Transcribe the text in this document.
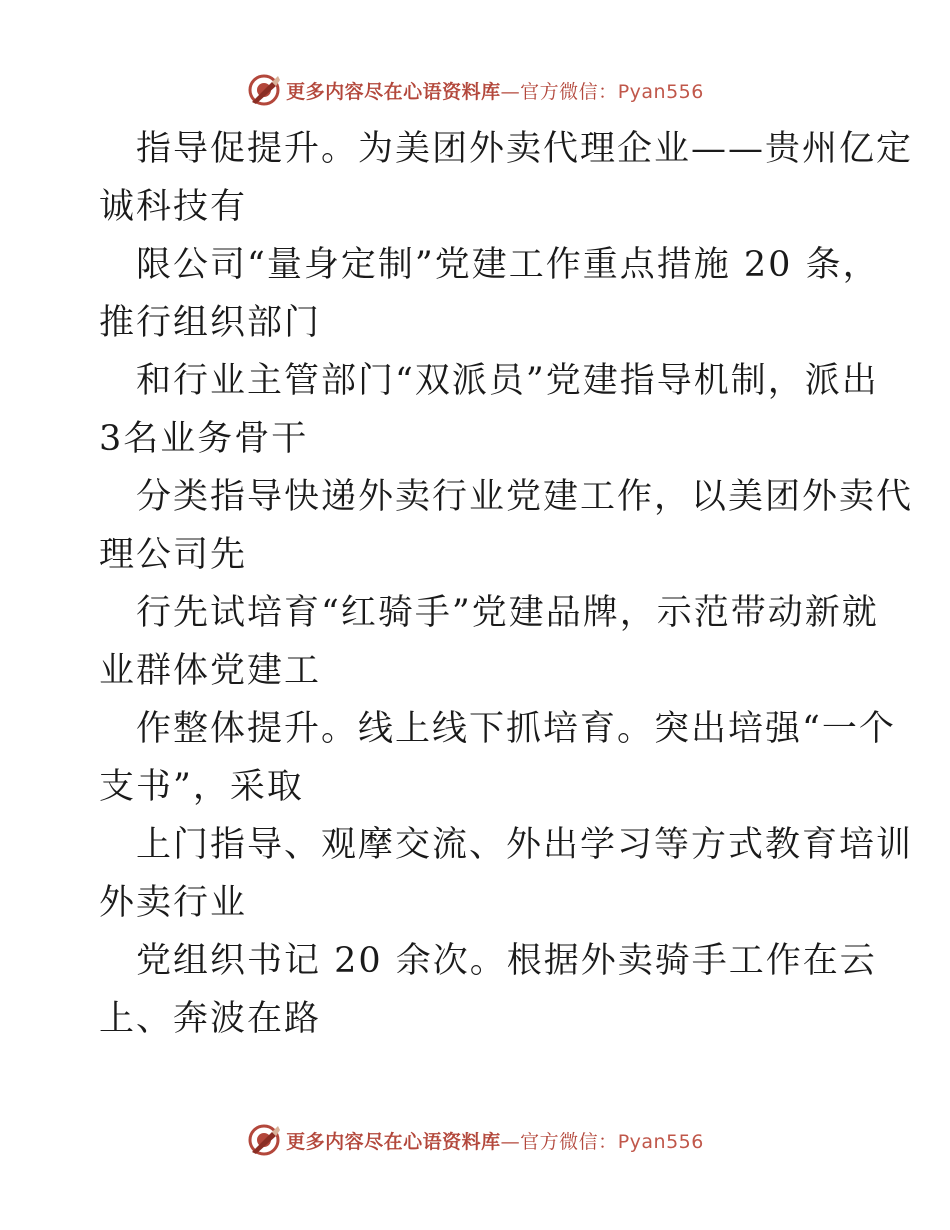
更多内容尽在心语资料库—官方微信：Pyan556
指导促提升。为美团外卖代理企业——贵州亿定
诚科技有
限公司“量身定制”党建工作重点措施 20 条，
推行组织部门
和行业主管部门“双派员”党建指导机制，派出
3名业务骨干
分类指导快递外卖行业党建工作，以美团外卖代
理公司先
行先试培育“红骑手”党建品牌，示范带动新就
业群体党建工
作整体提升。线上线下抓培育。突出培强“一个
支书”，采取
上门指导、观摩交流、外出学习等方式教育培训
外卖行业
党组织书记 20 余次。根据外卖骑手工作在云
上、奔波在路
更多内容尽在心语资料库—官方微信：Pyan556
